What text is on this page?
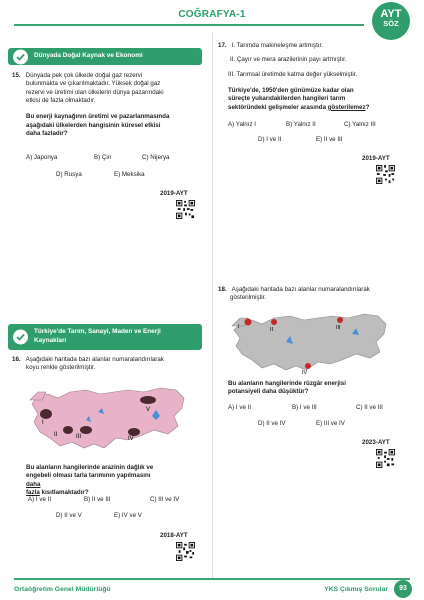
COĞRAFYA-1	AYT
SÖZ
Dünyada Doğal Kaynak ve Ekonomi
15. Dünyada pek çok ülkede doğal gaz rezervi
bulunmakta ve çıkarılmaktadır. Yüksek doğal gaz
rezervi ve üretimi olan ülkelerin dünya pazarındaki
etkisi de fazla olmaktadır.
Bu enerji kaynağının üretimi ve pazarlanmasında
aşağıdaki ülkelerden hangisinin küresel etkisi
daha fazladır?
A) Japonya	B) Çin	C) Nijerya
D) Rusya	E) Meksika
2019-AYT
Türkiye'de Tarım, Sanayi, Maden ve Enerji
Kaynakları
16. Aşağıdaki haritada bazı alanlar numaralandırılarak
koyu renkle gösterilmiştir.
I
II	III	IV
V
Bu alanların hangilerinde arazinin dağlık ve
engebeli olması tarla tarımının yapılmasını
daha
fazla kısıtlamaktadır?
A) I ve II	B) II ve III	C) III ve IV
D) II ve V	E) IV ve V
2018-AYT
17. I. Tarımda makineleşme artmıştır.
II. Çayır ve mera arazilerinin payı artmıştır.
III. Tarımsal üretimde katma değer yükselmiştir.
Türkiye'de, 1950'den günümüze kadar olan
süreçte yukarıdakilerden hangileri tarım
sektöründeki gelişmeler arasında gösterilemez?
A) Yalnız I	B) Yalnız II	C) Yalnız III
D) I ve II	E) II ve III
2019-AYT
18. Aşağıdaki haritada bazı alanlar numaralandırılarak
gösterilmiştir.
I	II	III
IV
Bu alanların hangilerinde rüzgâr enerjisi
potansiyeli daha düşüktür?
A) I ve II	B) I ve III	C) II ve III
D) II ve IV	E) III ve IV
2023-AYT
Ortaöğretim Genel Müdürlüğü	YKS Çıkmış Sorular	93
